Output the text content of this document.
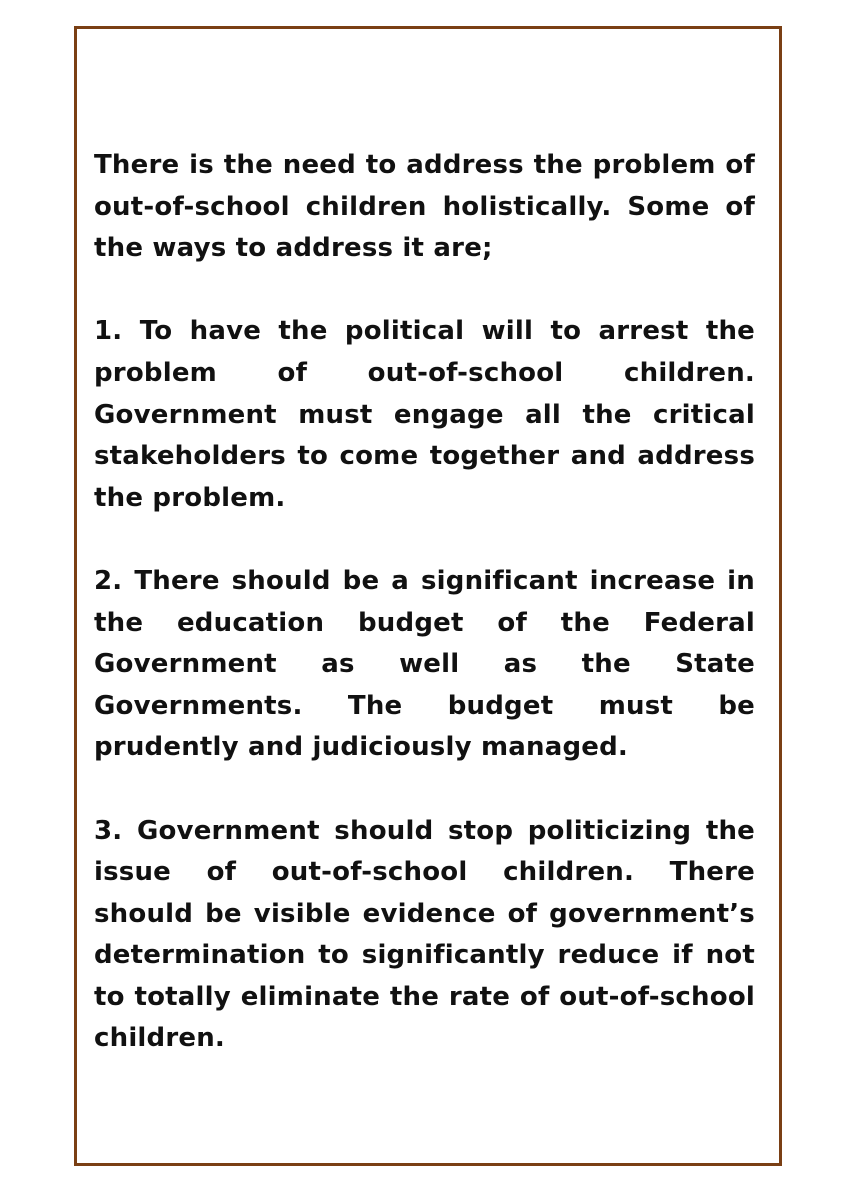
There is the need to address the problem of out-of-school children holistically. Some of the ways to address it are;

1. To have the political will to arrest the problem of out-of-school children. Government must engage all the critical stakeholders to come together and address the problem.

2. There should be a significant increase in the education budget of the Federal Government as well as the State Governments. The budget must be prudently and judiciously managed.

3. Government should stop politicizing the issue of out-of-school children. There should be visible evidence of government’s determination to significantly reduce if not to totally eliminate the rate of out-of-school children.
